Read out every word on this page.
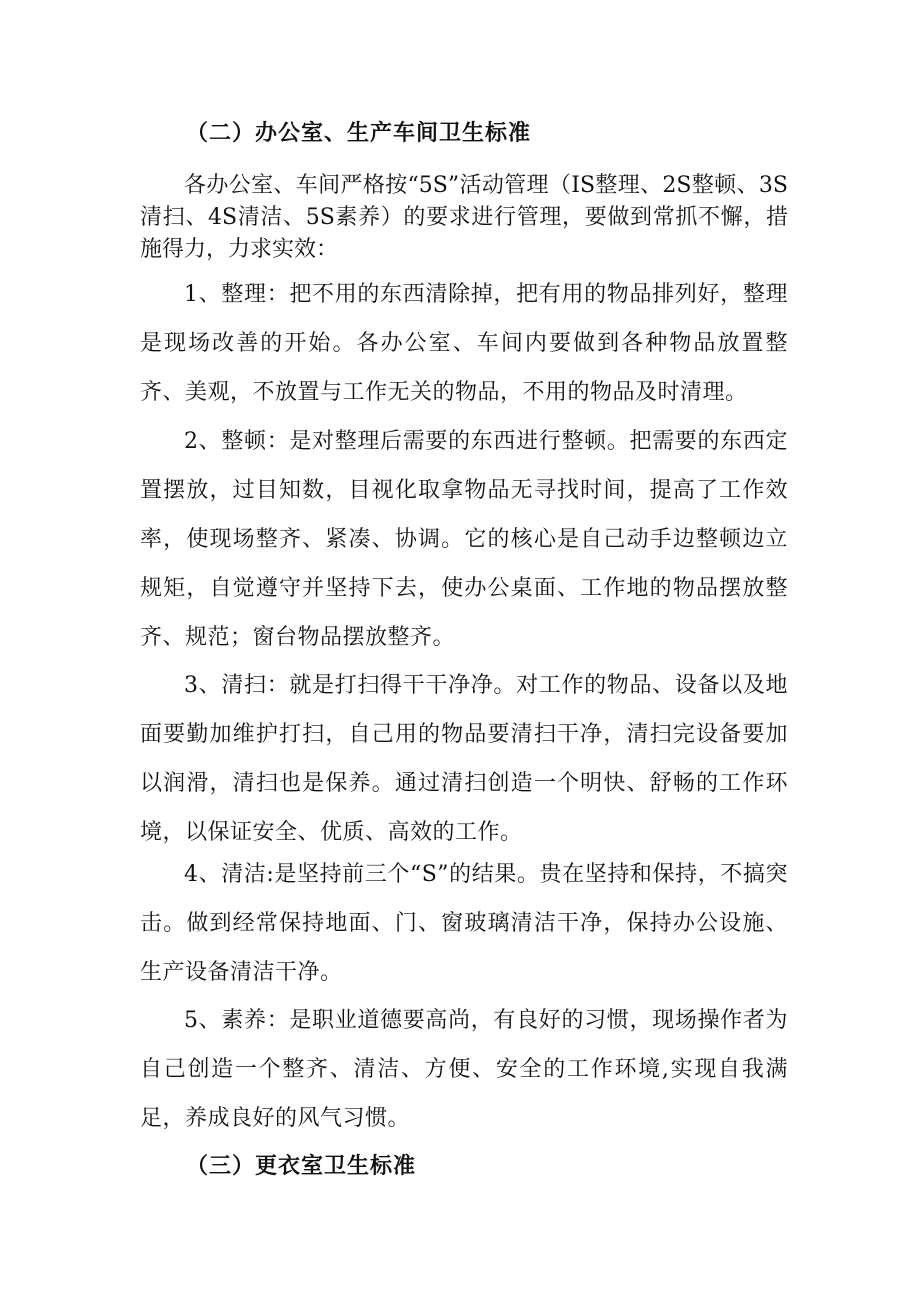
（二）办公室、生产车间卫生标准

各办公室、车间严格按“5S”活动管理（IS整理、2S整顿、3S清扫、4S清洁、5S素养）的要求进行管理，要做到常抓不懈，措施得力，力求实效：

1、整理：把不用的东西清除掉，把有用的物品排列好，整理是现场改善的开始。各办公室、车间内要做到各种物品放置整齐、美观，不放置与工作无关的物品，不用的物品及时清理。

2、整顿：是对整理后需要的东西进行整顿。把需要的东西定置摆放，过目知数，目视化取拿物品无寻找时间，提高了工作效率，使现场整齐、紧凑、协调。它的核心是自己动手边整顿边立规矩，自觉遵守并坚持下去，使办公桌面、工作地的物品摆放整齐、规范；窗台物品摆放整齐。

3、清扫：就是打扫得干干净净。对工作的物品、设备以及地面要勤加维护打扫，自己用的物品要清扫干净，清扫完设备要加以润滑，清扫也是保养。通过清扫创造一个明快、舒畅的工作环境，以保证安全、优质、高效的工作。

4、清洁:是坚持前三个“S”的结果。贵在坚持和保持，不搞突击。做到经常保持地面、门、窗玻璃清洁干净，保持办公设施、生产设备清洁干净。

5、素养：是职业道德要高尚，有良好的习惯，现场操作者为自己创造一个整齐、清洁、方便、安全的工作环境,实现自我满足，养成良好的风气习惯。

（三）更衣室卫生标准
